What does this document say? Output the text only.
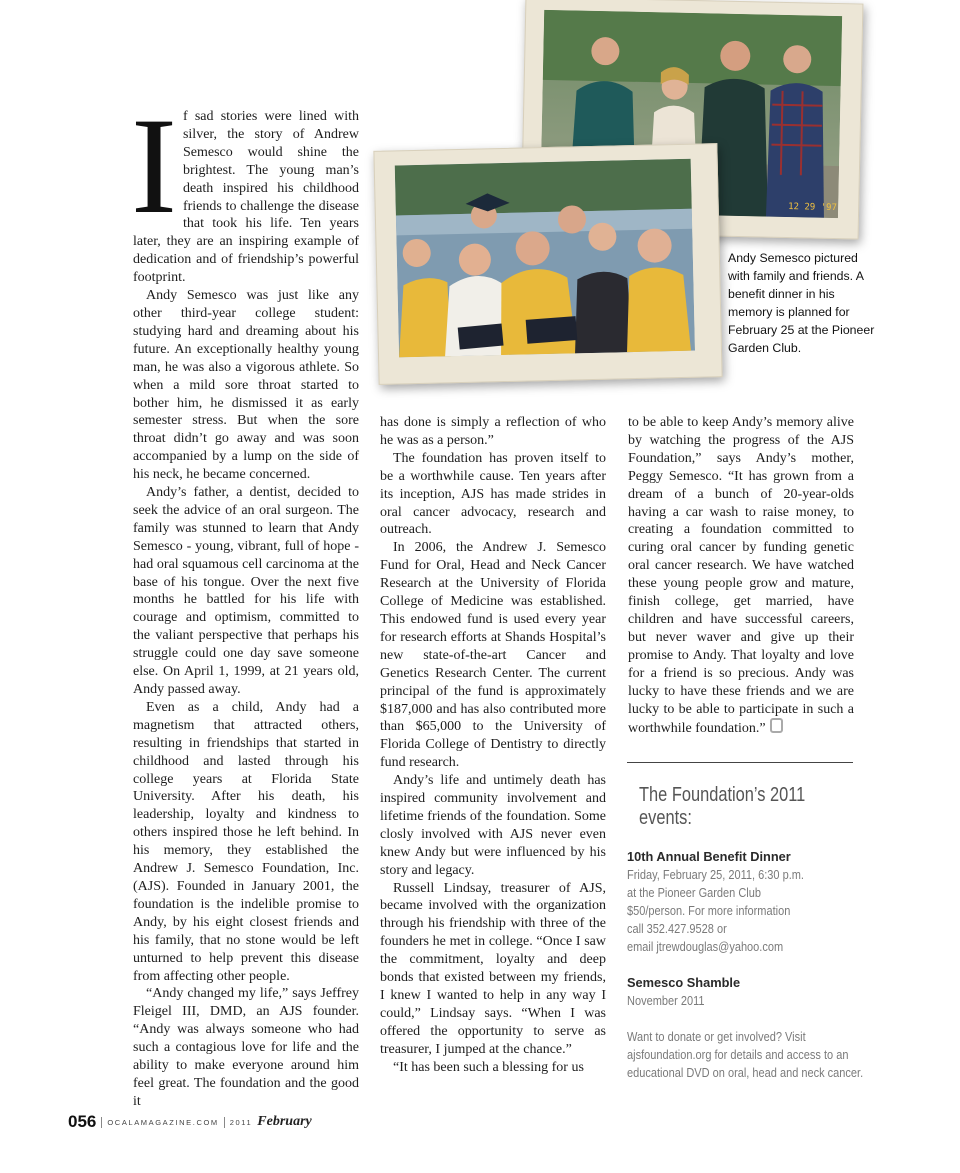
I f sad stories were lined with silver, the story of Andrew Semesco would shine the brightest. The young man’s death inspired his childhood friends to challenge the disease that took his life. Ten years later, they are an inspiring example of dedication and of friendship’s powerful footprint.

Andy Semesco was just like any other third-year college student: studying hard and dreaming about his future. An exceptionally healthy young man, he was also a vigorous athlete. So when a mild sore throat started to bother him, he dismissed it as early semester stress. But when the sore throat didn’t go away and was soon accompanied by a lump on the side of his neck, he became concerned.

Andy’s father, a dentist, decided to seek the advice of an oral surgeon. The family was stunned to learn that Andy Semesco - young, vibrant, full of hope - had oral squamous cell carcinoma at the base of his tongue. Over the next five months he battled for his life with courage and optimism, committed to the valiant perspective that perhaps his struggle could one day save someone else. On April 1, 1999, at 21 years old, Andy passed away.

Even as a child, Andy had a magnetism that attracted others, resulting in friendships that started in childhood and lasted through his college years at Florida State University. After his death, his leadership, loyalty and kindness to others inspired those he left behind. In his memory, they established the Andrew J. Semesco Foundation, Inc. (AJS). Founded in January 2001, the foundation is the indelible promise to Andy, by his eight closest friends and his family, that no stone would be left unturned to help prevent this disease from affecting other people.

“Andy changed my life,” says Jeffrey Fleigel III, DMD, an AJS founder. “Andy was always someone who had such a contagious love for life and the ability to make everyone around him feel great. The foundation and the good it

has done is simply a reflection of who he was as a person.”

The foundation has proven itself to be a worthwhile cause. Ten years after its inception, AJS has made strides in oral cancer advocacy, research and outreach.

In 2006, the Andrew J. Semesco Fund for Oral, Head and Neck Cancer Research at the University of Florida College of Medicine was established. This endowed fund is used every year for research efforts at Shands Hospital’s new state-of-the-art Cancer and Genetics Research Center. The current principal of the fund is approximately $187,000 and has also contributed more than $65,000 to the University of Florida College of Dentistry to directly fund research.

Andy’s life and untimely death has inspired community involvement and lifetime friends of the foundation. Some closly involved with AJS never even knew Andy but were influenced by his story and legacy.

Russell Lindsay, treasurer of AJS, became involved with the organization through his friendship with three of the founders he met in college. “Once I saw the commitment, loyalty and deep bonds that existed between my friends, I knew I wanted to help in any way I could,” Lindsay says. “When I was offered the opportunity to serve as treasurer, I jumped at the chance.”

“It has been such a blessing for us

to be able to keep Andy’s memory alive by watching the progress of the AJS Foundation,” says Andy’s mother, Peggy Semesco. “It has grown from a dream of a bunch of 20-year-olds having a car wash to raise money, to creating a foundation committed to curing oral cancer by funding genetic oral cancer research. We have watched these young people grow and mature, finish college, get married, have children and have successful careers, but never waver and give up their promise to Andy. That loyalty and love for a friend is so precious. Andy was lucky to have these friends and we are lucky to be able to participate in such a worthwhile foundation.”

12 29 '97
Andy Semesco pictured with family and friends. A benefit dinner in his memory is planned for February 25 at the Pioneer Garden Club.
The Foundation’s 2011 events:
10th Annual Benefit Dinner
Friday, February 25, 2011, 6:30 p.m.
at the Pioneer Garden Club
$50/person. For more information
call 352.427.9528 or
email jtrewdouglas@yahoo.com
Semesco Shamble
November 2011
Want to donate or get involved? Visit
ajsfoundation.org for details and access to an
educational DVD on oral, head and neck cancer.
056 OCALAMAGAZINE.COM 2011 February
